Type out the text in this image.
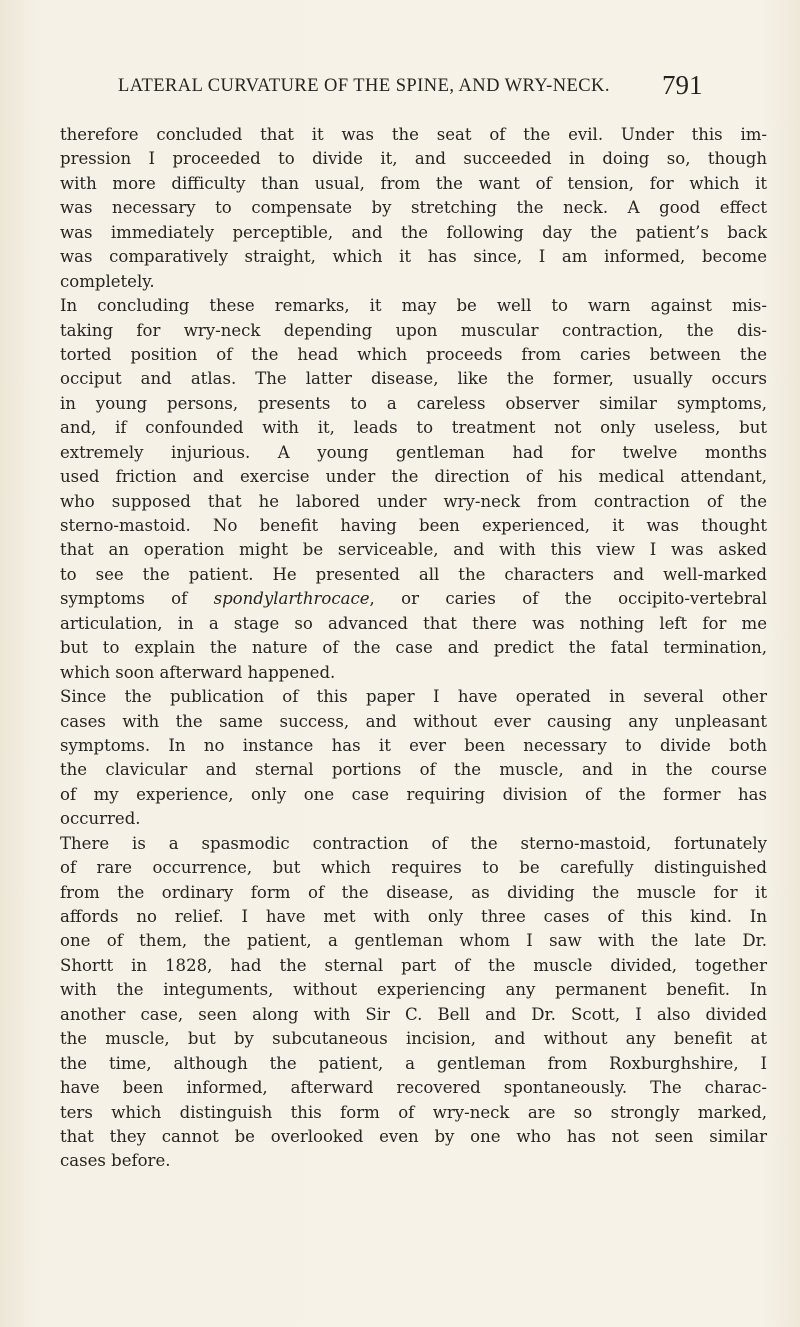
LATERAL CURVATURE OF THE SPINE, AND WRY-NECK.	791
therefore concluded that it was the seat of the evil. Under this im-
pression I proceeded to divide it, and succeeded in doing so, though
with more difficulty than usual, from the want of tension, for which it
was necessary to compensate by stretching the neck. A good effect
was immediately perceptible, and the following day the patient’s back
was comparatively straight, which it has since, I am informed, become
completely.
In concluding these remarks, it may be well to warn against mis-
taking for wry-neck depending upon muscular contraction, the dis-
torted position of the head which proceeds from caries between the
occiput and atlas. The latter disease, like the former, usually occurs
in young persons, presents to a careless observer similar symptoms,
and, if confounded with it, leads to treatment not only useless, but
extremely injurious. A young gentleman had for twelve months
used friction and exercise under the direction of his medical attendant,
who supposed that he labored under wry-neck from contraction of the
sterno-mastoid. No benefit having been experienced, it was thought
that an operation might be serviceable, and with this view I was asked
to see the patient. He presented all the characters and well-marked
symptoms of spondylarthrocace, or caries of the occipito-vertebral
articulation, in a stage so advanced that there was nothing left for me
but to explain the nature of the case and predict the fatal termination,
which soon afterward happened.
Since the publication of this paper I have operated in several other
cases with the same success, and without ever causing any unpleasant
symptoms. In no instance has it ever been necessary to divide both
the clavicular and sternal portions of the muscle, and in the course
of my experience, only one case requiring division of the former has
occurred.
There is a spasmodic contraction of the sterno-mastoid, fortunately
of rare occurrence, but which requires to be carefully distinguished
from the ordinary form of the disease, as dividing the muscle for it
affords no relief. I have met with only three cases of this kind. In
one of them, the patient, a gentleman whom I saw with the late Dr.
Shortt in 1828, had the sternal part of the muscle divided, together
with the integuments, without experiencing any permanent benefit. In
another case, seen along with Sir C. Bell and Dr. Scott, I also divided
the muscle, but by subcutaneous incision, and without any benefit at
the time, although the patient, a gentleman from Roxburghshire, I
have been informed, afterward recovered spontaneously. The charac-
ters which distinguish this form of wry-neck are so strongly marked,
that they cannot be overlooked even by one who has not seen similar
cases before.
